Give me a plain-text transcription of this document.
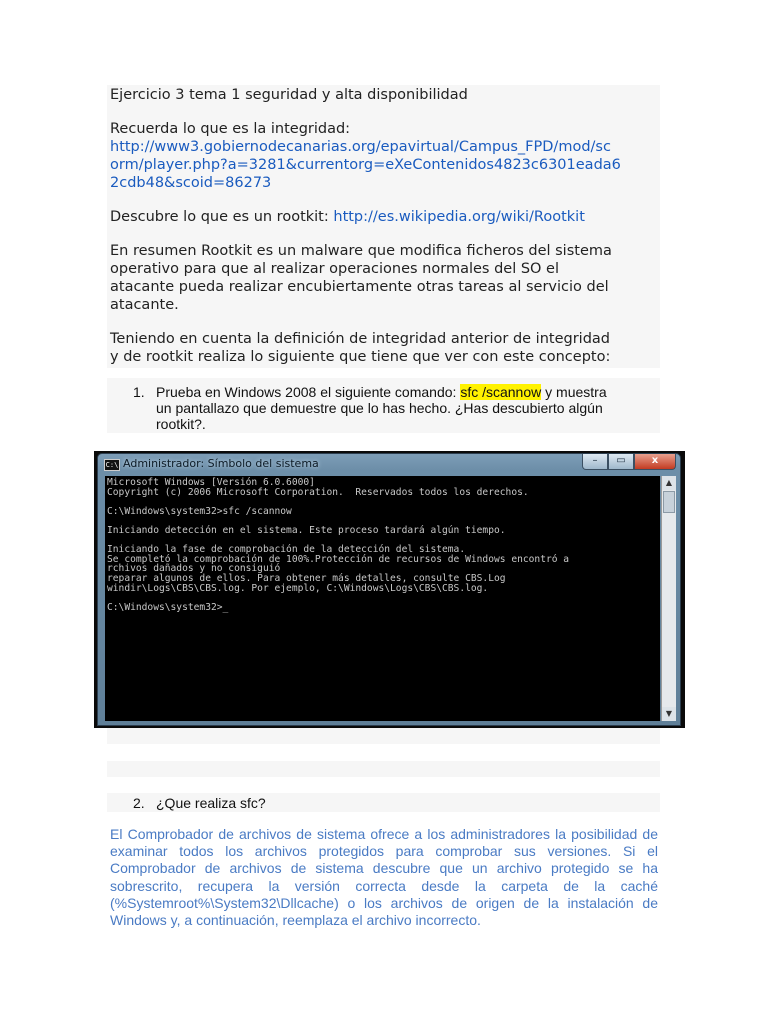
Ejercicio 3 tema 1 seguridad y alta disponibilidad

Recuerda lo que es la integridad:

http://www3.gobiernodecanarias.org/epavirtual/Campus_FPD/mod/sc

orm/player.php?a=3281&currentorg=eXeContenidos4823c6301eada6

2cdb48&scoid=86273

Descubre lo que es un rootkit: http://es.wikipedia.org/wiki/Rootkit

En resumen Rootkit es un malware que modifica ficheros del sistema

operativo para que al realizar operaciones normales del SO el

atacante pueda realizar encubiertamente otras tareas al servicio del

atacante.

Teniendo en cuenta la definición de integridad anterior de integridad

y de rootkit realiza lo siguiente que tiene que ver con este concepto:

1. Prueba en Windows 2008 el siguiente comando: sfc /scannow y muestra
un pantallazo que demuestre que lo has hecho. ¿Has descubierto algún
rootkit?.
C:\ Administrador: Símbolo del sistema	–	▭	x
Microsoft Windows [Versión 6.0.6000]
Copyright (c) 2006 Microsoft Corporation.  Reservados todos los derechos.

C:\Windows\system32>sfc /scannow

Iniciando detección en el sistema. Este proceso tardará algún tiempo.

Iniciando la fase de comprobación de la detección del sistema.
Se completó la comprobación de 100%.Protección de recursos de Windows encontró a
rchivos dañados y no consiguió
reparar algunos de ellos. Para obtener más detalles, consulte CBS.Log
windir\Logs\CBS\CBS.log. Por ejemplo, C:\Windows\Logs\CBS\CBS.log.

C:\Windows\system32>_
▲
▼
2. ¿Que realiza sfc?

El Comprobador de archivos de sistema ofrece a los administradores la posibilidad de examinar todos los archivos protegidos para comprobar sus versiones. Si el Comprobador de archivos de sistema descubre que un archivo protegido se ha sobrescrito, recupera la versión correcta desde la carpeta de la caché (%Systemroot%\System32\Dllcache) o los archivos de origen de la instalación de Windows y, a continuación, reemplaza el archivo incorrecto.
